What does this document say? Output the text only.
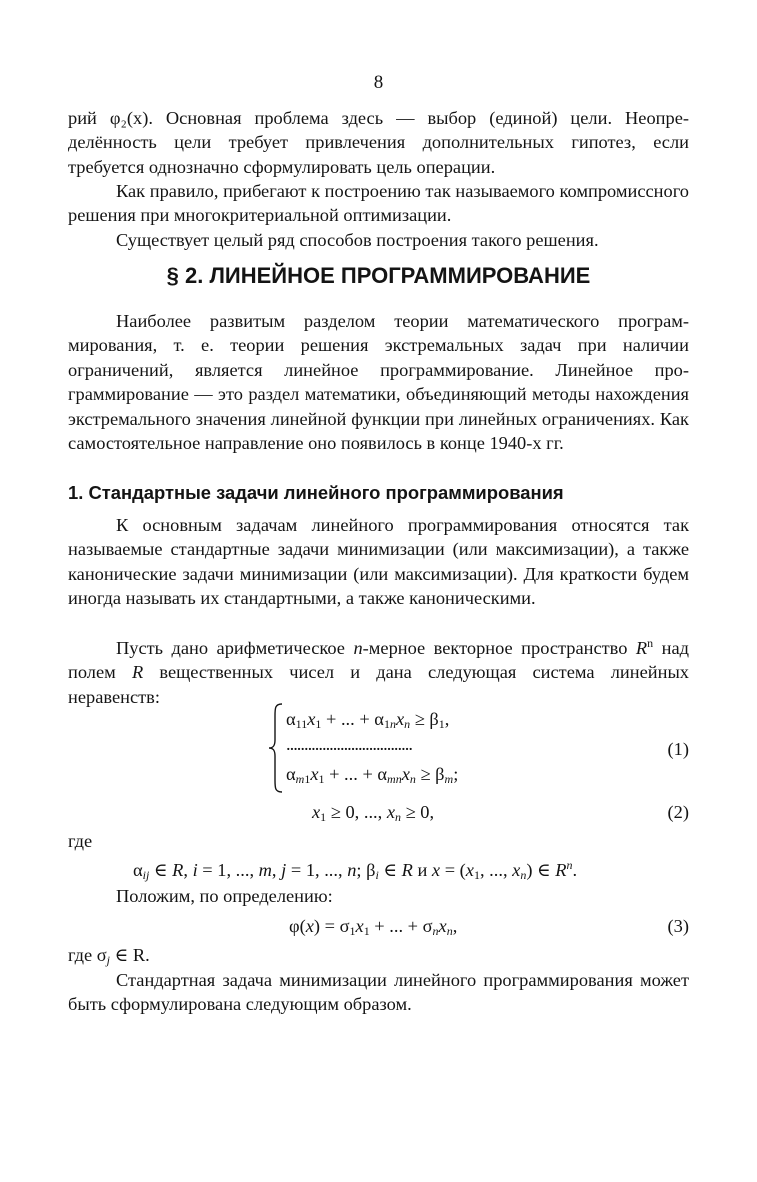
8

рий φ₂(x). Основная проблема здесь — выбор (единой) цели. Неопределённость цели требует привлечения дополнительных гипотез, если требуется однозначно сформулировать цель операции.

Как правило, прибегают к построению так называемого компромиссного решения при многокритериальной оптимизации.

Существует целый ряд способов построения такого решения.

§ 2. ЛИНЕЙНОЕ ПРОГРАММИРОВАНИЕ

Наиболее развитым разделом теории математического программирования, т. е. теории решения экстремальных задач при наличии ограничений, является линейное программирование. Линейное программирование — это раздел математики, объединяющий методы нахождения экстремального значения линейной функции при линейных ограничениях. Как самостоятельное направление оно появилось в конце 1940-х гг.

1. Стандартные задачи линейного программирования

К основным задачам линейного программирования относятся так называемые стандартные задачи минимизации (или максимизации), а также канонические задачи минимизации (или максимизации). Для краткости будем иногда называть их стандартными, а также каноническими.

Пусть дано арифметическое n-мерное векторное пространство $R^n$ над полем R вещественных чисел и дана следующая система линейных неравенств:

$\alpha_{11}x_1$ + ... + $\alpha_{1n}x_n \ge \beta_1$,
...................................
$\alpha_{m1}x_1$ + ... + $\alpha_{mn}x_n \ge \beta_m$;
(1)
$x_1 \ge 0$, ..., $x_n \ge 0$,	(2)
где
$\alpha_{ij}$ ∈ R, i = 1, ..., m, j = 1, ..., n; $\beta_i$ ∈ R и $x = (x_1$, ..., $x_n$) ∈ $R^n$.
Положим, по определению:
$\varphi(x) = \sigma_1x_1$ + ... + $\sigma_nx_n$,	(3)
где $\sigma_j$ ∈ R.

Стандартная задача минимизации линейного программирования может быть сформулирована следующим образом.
